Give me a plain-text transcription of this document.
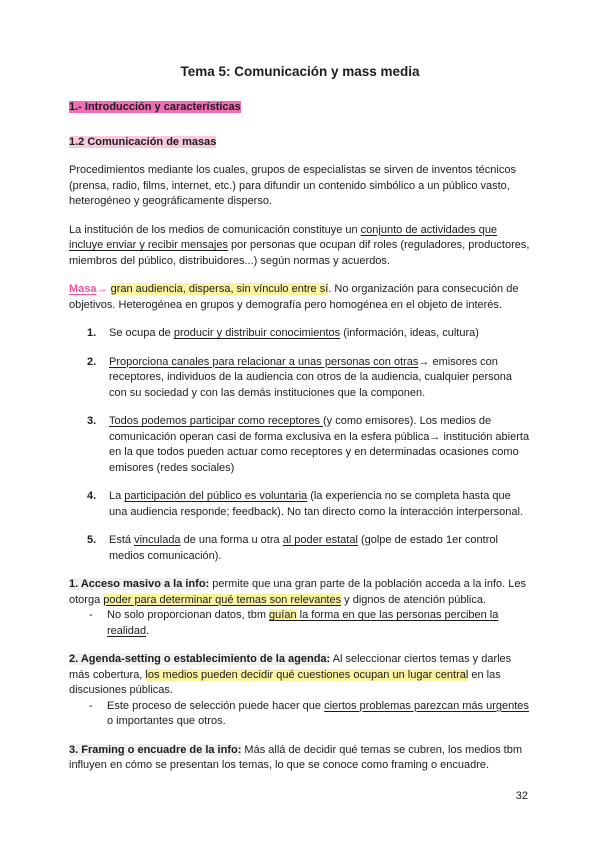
Tema 5: Comunicación y mass media
1.- Introducción y características
1.2 Comunicación de masas
Procedimientos mediante los cuales, grupos de especialistas se sirven de inventos técnicos (prensa, radio, films, internet, etc.) para difundir un contenido simbólico a un público vasto, heterogéneo y geográficamente disperso.
La institución de los medios de comunicación constituye un conjunto de actividades que incluye enviar y recibir mensajes por personas que ocupan dif roles (reguladores, productores, miembros del público, distribuidores...) según normas y acuerdos.
Masa→ gran audiencia, dispersa, sin vínculo entre sí. No organización para consecución de objetivos. Heterogénea en grupos y demografía pero homogénea en el objeto de interés.
1.	Se ocupa de producir y distribuir conocimientos (información, ideas, cultura)
2.	Proporciona canales para relacionar a unas personas con otras→ emisores con receptores, individuos de la audiencia con otros de la audiencia, cualquier persona con su sociedad y con las demás instituciones que la componen.
3.	Todos podemos participar como receptores (y como emisores). Los medios de comunicación operan casi de forma exclusiva en la esfera pública→ institución abierta en la que todos pueden actuar como receptores y en determinadas ocasiones como emisores (redes sociales)
4.	La participación del público es voluntaria (la experiencia no se completa hasta que una audiencia responde; feedback). No tan directo como la interacción interpersonal.
5.	Está vinculada de una forma u otra al poder estatal (golpe de estado 1er control medios comunicación).
1. Acceso masivo a la info: permite que una gran parte de la población acceda a la info. Les otorga poder para determinar qué temas son relevantes y dignos de atención pública.
-	No solo proporcionan datos, tbm guían la forma en que las personas perciben la realidad.
2. Agenda-setting o establecimiento de la agenda: Al seleccionar ciertos temas y darles más cobertura, los medios pueden decidir qué cuestiones ocupan un lugar central en las discusiones públicas.
-	Este proceso de selección puede hacer que ciertos problemas parezcan más urgentes o importantes que otros.
3. Framing o encuadre de la info: Más allá de decidir qué temas se cubren, los medios tbm influyen en cómo se presentan los temas, lo que se conoce como framing o encuadre.
32
